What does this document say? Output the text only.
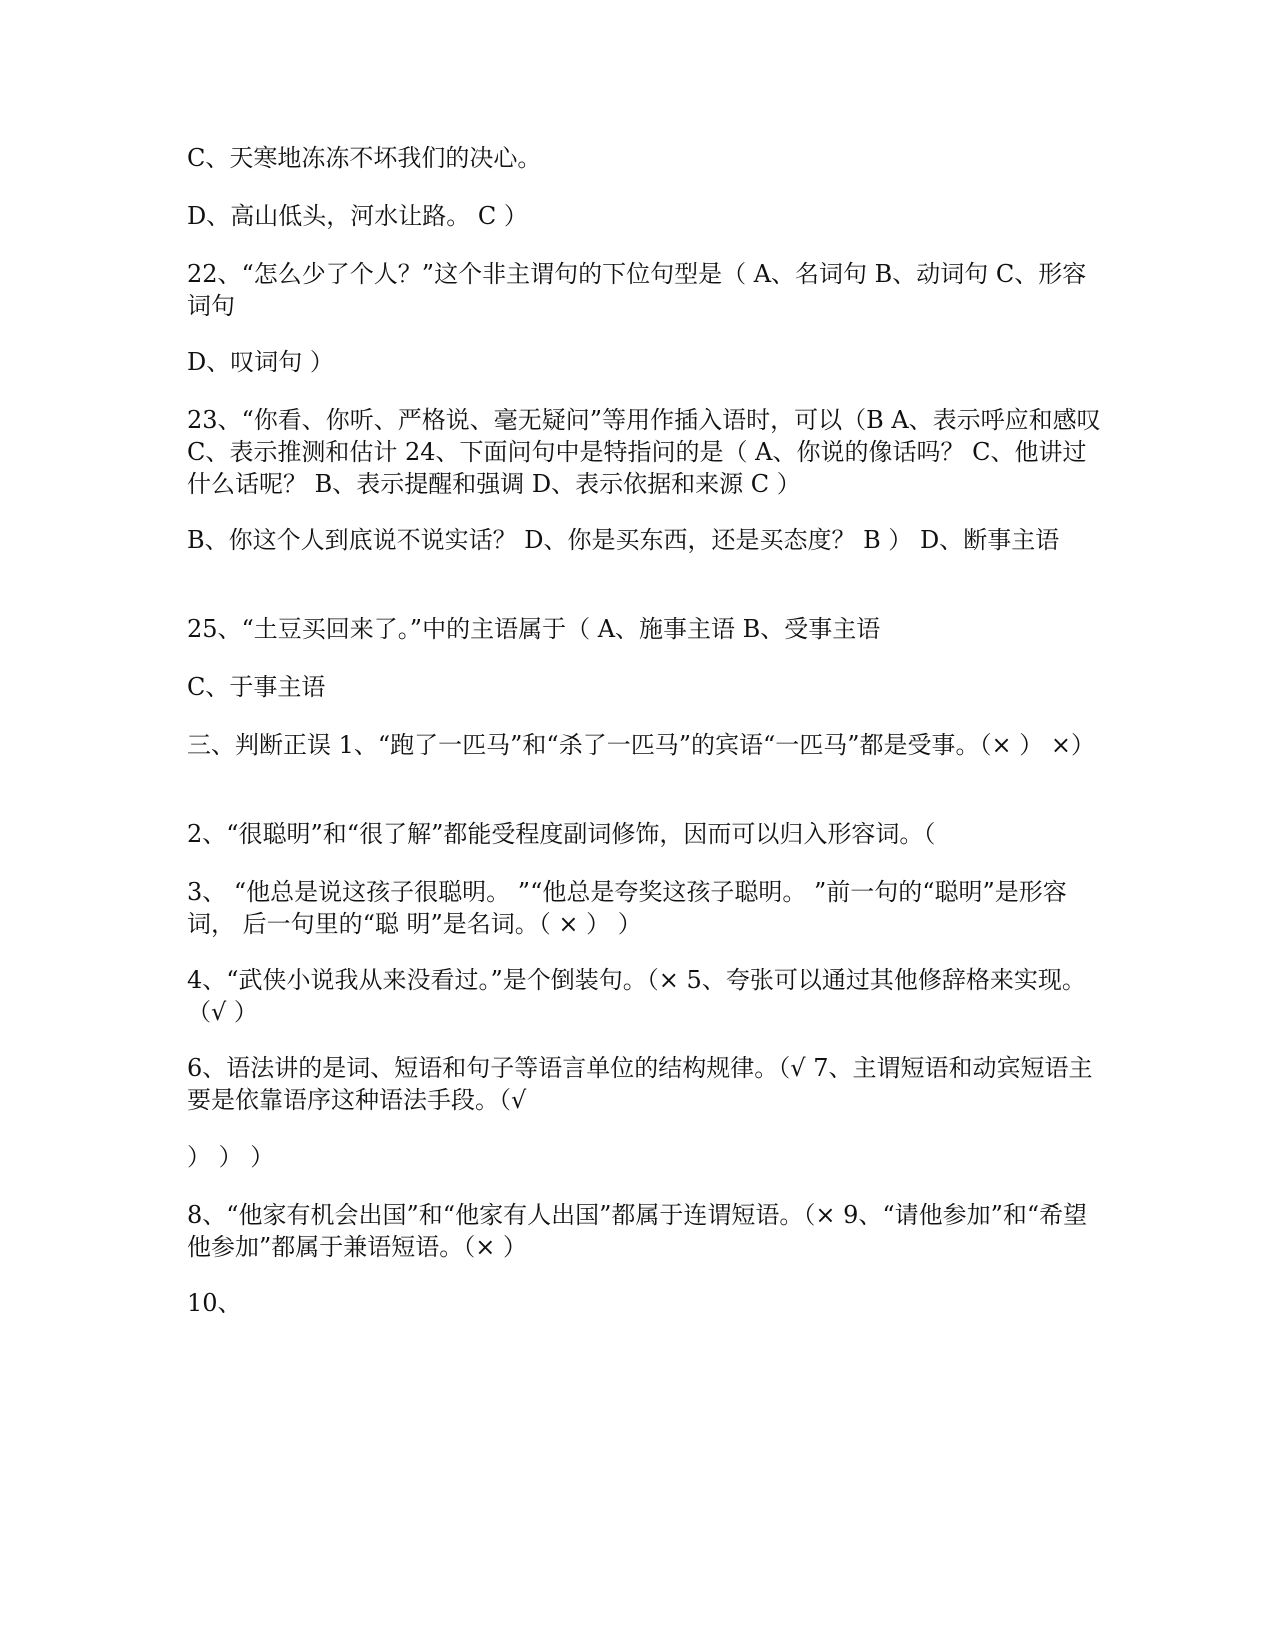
C、天寒地冻冻不坏我们的决心。

D、高山低头，河水让路。 C ）

22、“怎么少了个人？”这个非主谓句的下位句型是（ A、名词句 B、动词句 C、形容词句

D、叹词句 ）

23、“你看、你听、严格说、毫无疑问”等用作插入语时，可以（B A、表示呼应和感叹 C、表示推测和估计 24、下面问句中是特指问的是（ A、你说的像话吗？ C、他讲过什么话呢？ B、表示提醒和强调 D、表示依据和来源 C ）

B、你这个人到底说不说实话？ D、你是买东西，还是买态度？ B ） D、断事主语

25、“土豆买回来了。”中的主语属于（ A、施事主语 B、受事主语

C、于事主语

三、判断正误 1、“跑了一匹马”和“杀了一匹马”的宾语“一匹马”都是受事。（× ） ×）

2、“很聪明”和“很了解”都能受程度副词修饰，因而可以归入形容词。（

3、 “他总是说这孩子很聪明。 ”“他总是夸奖这孩子聪明。 ”前一句的“聪明”是形容词， 后一句里的“聪 明”是名词。（ × ） ）

4、“武侠小说我从来没看过。”是个倒装句。（× 5、夸张可以通过其他修辞格来实现。（√ ）

6、语法讲的是词、短语和句子等语言单位的结构规律。（√ 7、主谓短语和动宾短语主要是依靠语序这种语法手段。（√

） ） ）

8、“他家有机会出国”和“他家有人出国”都属于连谓短语。（× 9、“请他参加”和“希望他参加”都属于兼语短语。（× ）

10、
